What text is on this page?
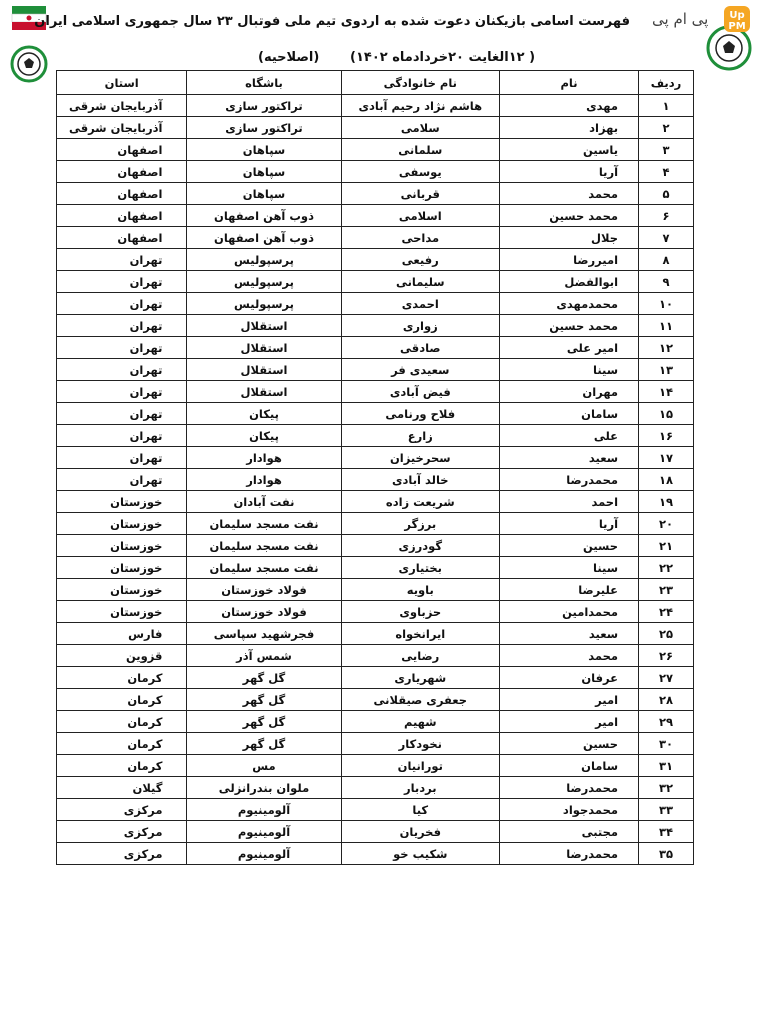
پی ام پی Up
PM
فهرست اسامی بازیکنان دعوت شده به اردوی تیم ملی فوتبال ۲۳ سال جمهوری اسلامی ایران
( ۱۲الغایت ۲۰خردادماه ۱۴۰۲)
(اصلاحیه)
ردیف	نام	نام خانوادگی	باشگاه	استان
۱	مهدی	هاشم نژاد رحیم آبادی	تراکتور سازی	آذربایجان شرقی
۲	بهزاد	سلامی	تراکتور سازی	آذربایجان شرقی
۳	یاسین	سلمانی	سپاهان	اصفهان
۴	آریا	یوسفی	سپاهان	اصفهان
۵	محمد	قربانی	سپاهان	اصفهان
۶	محمد حسین	اسلامی	ذوب آهن اصفهان	اصفهان
۷	جلال	مداحی	ذوب آهن اصفهان	اصفهان
۸	امیررضا	رفیعی	پرسپولیس	تهران
۹	ابوالفضل	سلیمانی	پرسپولیس	تهران
۱۰	محمدمهدی	احمدی	پرسپولیس	تهران
۱۱	محمد حسین	زواری	استقلال	تهران
۱۲	امیر علی	صادقی	استقلال	تهران
۱۳	سینا	سعیدی فر	استقلال	تهران
۱۴	مهران	فیض آبادی	استقلال	تهران
۱۵	سامان	فلاح ورنامی	پیکان	تهران
۱۶	علی	زارع	پیکان	تهران
۱۷	سعید	سحرخیزان	هوادار	تهران
۱۸	محمدرضا	خالد آبادی	هوادار	تهران
۱۹	احمد	شریعت زاده	نفت آبادان	خوزستان
۲۰	آریا	برزگر	نفت مسجد سلیمان	خوزستان
۲۱	حسین	گودرزی	نفت مسجد سلیمان	خوزستان
۲۲	سینا	بختیاری	نفت مسجد سلیمان	خوزستان
۲۳	علیرضا	باویه	فولاد خوزستان	خوزستان
۲۴	محمدامین	حزباوی	فولاد خوزستان	خوزستان
۲۵	سعید	ایرانخواه	فجرشهید سپاسی	فارس
۲۶	محمد	رضایی	شمس آذر	قزوین
۲۷	عرفان	شهریاری	گل گهر	کرمان
۲۸	امیر	جعفری صیقلانی	گل گهر	کرمان
۲۹	امیر	شهیم	گل گهر	کرمان
۳۰	حسین	نخودکار	گل گهر	کرمان
۳۱	سامان	تورانیان	مس	کرمان
۳۲	محمدرضا	بردبار	ملوان بندرانزلی	گیلان
۳۳	محمدجواد	کیا	آلومینیوم	مرکزی
۳۴	مجتبی	فخریان	آلومینیوم	مرکزی
۳۵	محمدرضا	شکیب خو	آلومینیوم	مرکزی
